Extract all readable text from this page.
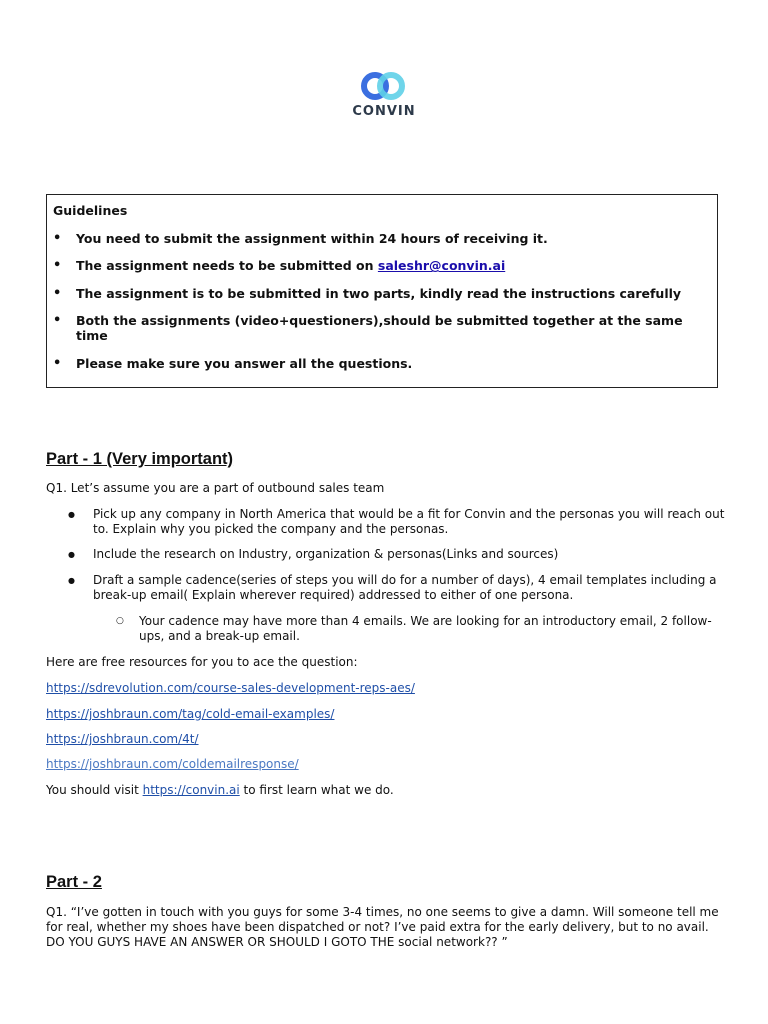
CONVIN
Guidelines
• You need to submit the assignment within 24 hours of receiving it.
• The assignment needs to be submitted on saleshr@convin.ai
• The assignment is to be submitted in two parts, kindly read the instructions carefully
• Both the assignments (video+questioners),should be submitted together at the same time
• Please make sure you answer all the questions.
Part - 1 (Very important)
Q1. Let’s assume you are a part of outbound sales team
● Pick up any company in North America that would be a fit for Convin and the personas you will reach out to. Explain why you picked the company and the personas.
● Include the research on Industry, organization & personas(Links and sources)
● Draft a sample cadence(series of steps you will do for a number of days), 4 email templates including a break-up email( Explain wherever required) addressed to either of one persona.
○ Your cadence may have more than 4 emails. We are looking for an introductory email, 2 follow-ups, and a break-up email.
Here are free resources for you to ace the question:
https://sdrevolution.com/course-sales-development-reps-aes/
https://joshbraun.com/tag/cold-email-examples/
https://joshbraun.com/4t/
https://joshbraun.com/coldemailresponse/
You should visit https://convin.ai to first learn what we do.
Part - 2
Q1. “I’ve gotten in touch with you guys for some 3-4 times, no one seems to give a damn. Will someone tell me for real, whether my shoes have been dispatched or not? I’ve paid extra for the early delivery, but to no avail. DO YOU GUYS HAVE AN ANSWER OR SHOULD I GOTO THE social network?? ”
